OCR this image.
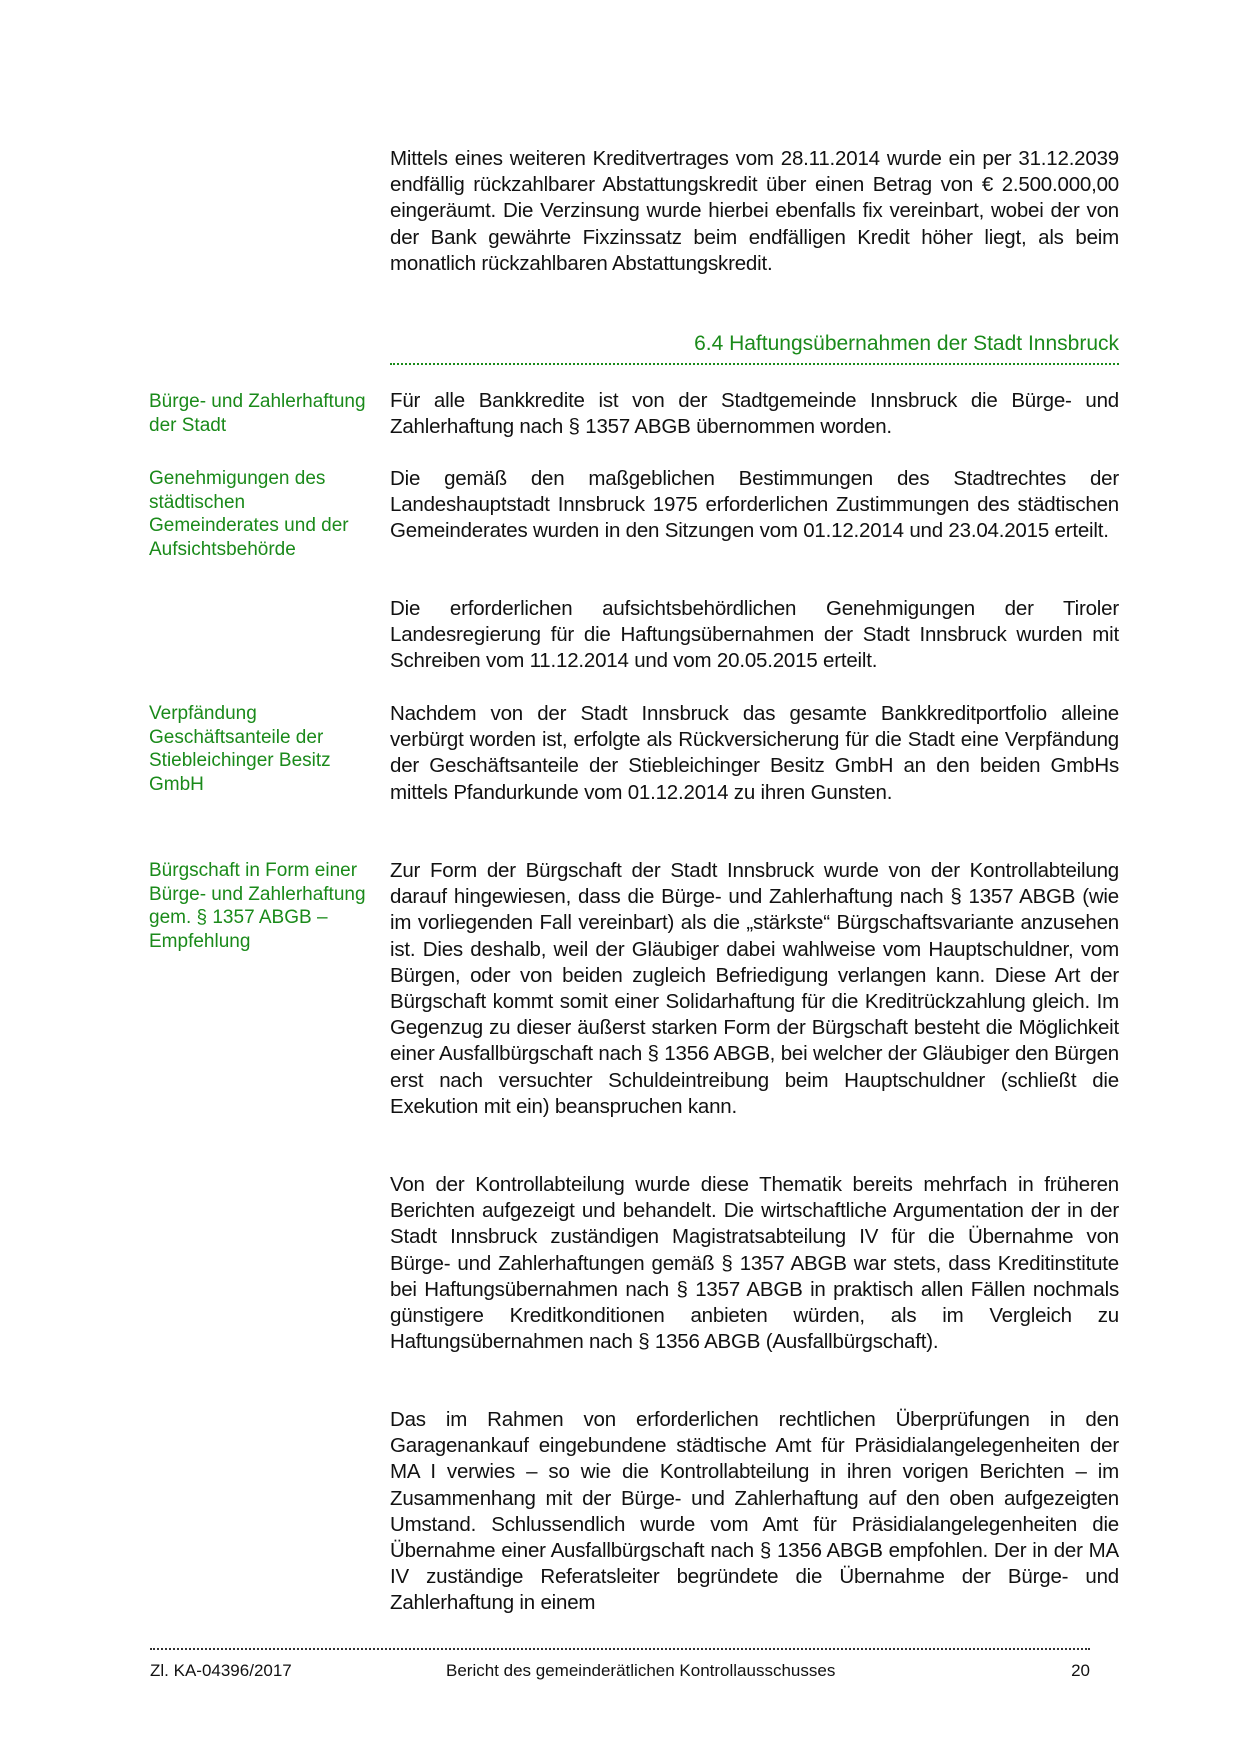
Mittels eines weiteren Kreditvertrages vom 28.11.2014 wurde ein per 31.12.2039 endfällig rückzahlbarer Abstattungskredit über einen Betrag von € 2.500.000,00 eingeräumt. Die Verzinsung wurde hierbei ebenfalls fix vereinbart, wobei der von der Bank gewährte Fixzinssatz beim endfälligen Kredit höher liegt, als beim monatlich rückzahlbaren Abstattungskredit.

6.4 Haftungsübernahmen der Stadt Innsbruck
Bürge- und Zahlerhaftung der Stadt
Genehmigungen des städtischen Gemeinderates und der Aufsichtsbehörde
Verpfändung Geschäftsanteile der Stiebleichinger Besitz GmbH
Bürgschaft in Form einer Bürge- und Zahlerhaftung gem. § 1357 ABGB – Empfehlung

Für alle Bankkredite ist von der Stadtgemeinde Innsbruck die Bürge- und Zahlerhaftung nach § 1357 ABGB übernommen worden.

Die gemäß den maßgeblichen Bestimmungen des Stadtrechtes der Landeshauptstadt Innsbruck 1975 erforderlichen Zustimmungen des städtischen Gemeinderates wurden in den Sitzungen vom 01.12.2014 und 23.04.2015 erteilt.

Die erforderlichen aufsichtsbehördlichen Genehmigungen der Tiroler Landesregierung für die Haftungsübernahmen der Stadt Innsbruck wurden mit Schreiben vom 11.12.2014 und vom 20.05.2015 erteilt.

Nachdem von der Stadt Innsbruck das gesamte Bankkreditportfolio alleine verbürgt worden ist, erfolgte als Rückversicherung für die Stadt eine Verpfändung der Geschäftsanteile der Stiebleichinger Besitz GmbH an den beiden GmbHs mittels Pfandurkunde vom 01.12.2014 zu ihren Gunsten.

Zur Form der Bürgschaft der Stadt Innsbruck wurde von der Kontrollabteilung darauf hingewiesen, dass die Bürge- und Zahlerhaftung nach § 1357 ABGB (wie im vorliegenden Fall vereinbart) als die „stärkste“ Bürgschaftsvariante anzusehen ist. Dies deshalb, weil der Gläubiger dabei wahlweise vom Hauptschuldner, vom Bürgen, oder von beiden zugleich Befriedigung verlangen kann. Diese Art der Bürgschaft kommt somit einer Solidarhaftung für die Kreditrückzahlung gleich. Im Gegenzug zu dieser äußerst starken Form der Bürgschaft besteht die Möglichkeit einer Ausfallbürgschaft nach § 1356 ABGB, bei welcher der Gläubiger den Bürgen erst nach versuchter Schuldeintreibung beim Hauptschuldner (schließt die Exekution mit ein) beanspruchen kann.

Von der Kontrollabteilung wurde diese Thematik bereits mehrfach in früheren Berichten aufgezeigt und behandelt. Die wirtschaftliche Argumentation der in der Stadt Innsbruck zuständigen Magistratsabteilung IV für die Übernahme von Bürge- und Zahlerhaftungen gemäß § 1357 ABGB war stets, dass Kreditinstitute bei Haftungsübernahmen nach § 1357 ABGB in praktisch allen Fällen nochmals günstigere Kreditkonditionen anbieten würden, als im Vergleich zu Haftungsübernahmen nach § 1356 ABGB (Ausfallbürgschaft).

Das im Rahmen von erforderlichen rechtlichen Überprüfungen in den Garagenankauf eingebundene städtische Amt für Präsidialangelegenheiten der MA I verwies – so wie die Kontrollabteilung in ihren vorigen Berichten – im Zusammenhang mit der Bürge- und Zahlerhaftung auf den oben aufgezeigten Umstand. Schlussendlich wurde vom Amt für Präsidialangelegenheiten die Übernahme einer Ausfallbürgschaft nach § 1356 ABGB empfohlen. Der in der MA IV zuständige Referatsleiter begründete die Übernahme der Bürge- und Zahlerhaftung in einem

Zl. KA-04396/2017	Bericht des gemeinderätlichen Kontrollausschusses	20
